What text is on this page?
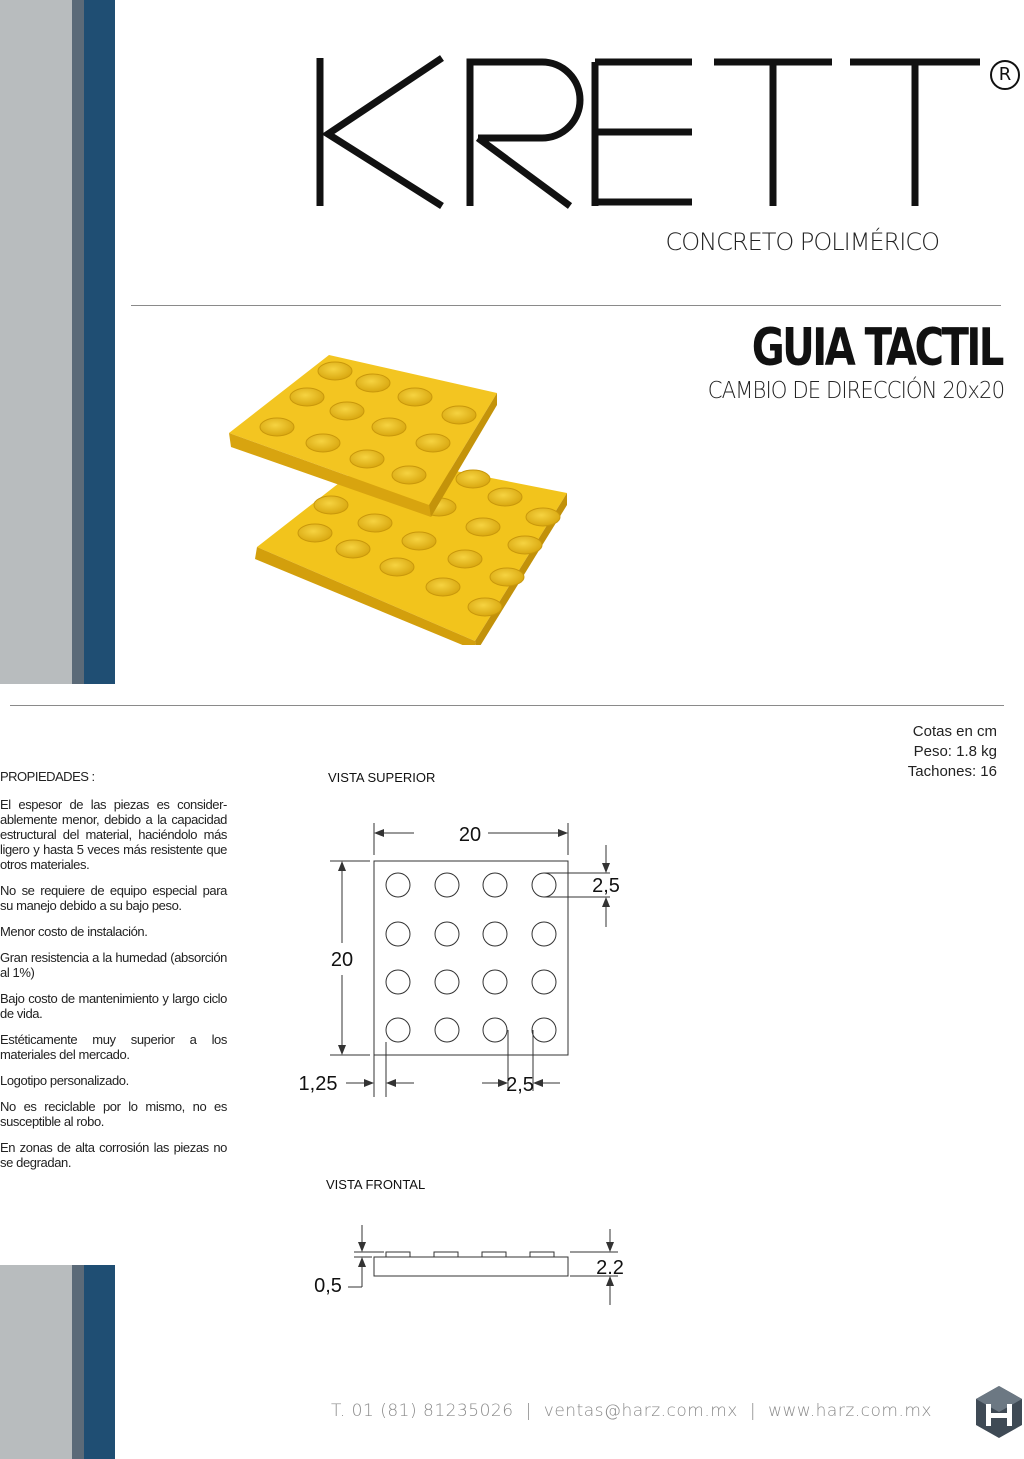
R
CONCRETO POLIMÉRICO
GUIA TACTIL
CAMBIO DE DIRECCIÓN 20x20
Cotas en cm
Peso: 1.8 kg
Tachones: 16
PROPIEDADES :

El espesor de las piezas es consider-ablemente menor, debido a la capacidad estructural del material, haciéndolo más ligero y hasta 5 veces más resistente que otros materiales.

No se requiere de equipo especial para su manejo debido a su bajo peso.

Menor costo de instalación.

Gran resistencia a la humedad (absorción al 1%)

Bajo costo de mantenimiento y largo ciclo de vida.

Estéticamente muy superior a los materiales del mercado.

Logotipo personalizado.

No es reciclable por lo mismo, no es susceptible al robo.

En zonas de alta corrosión las piezas no se degradan.

VISTA SUPERIOR
20
20
2,5
1,25	2,5
VISTA FRONTAL
0,5
2.2
T. 01 (81) 81235026 | ventas@harz.com.mx | www.harz.com.mx
